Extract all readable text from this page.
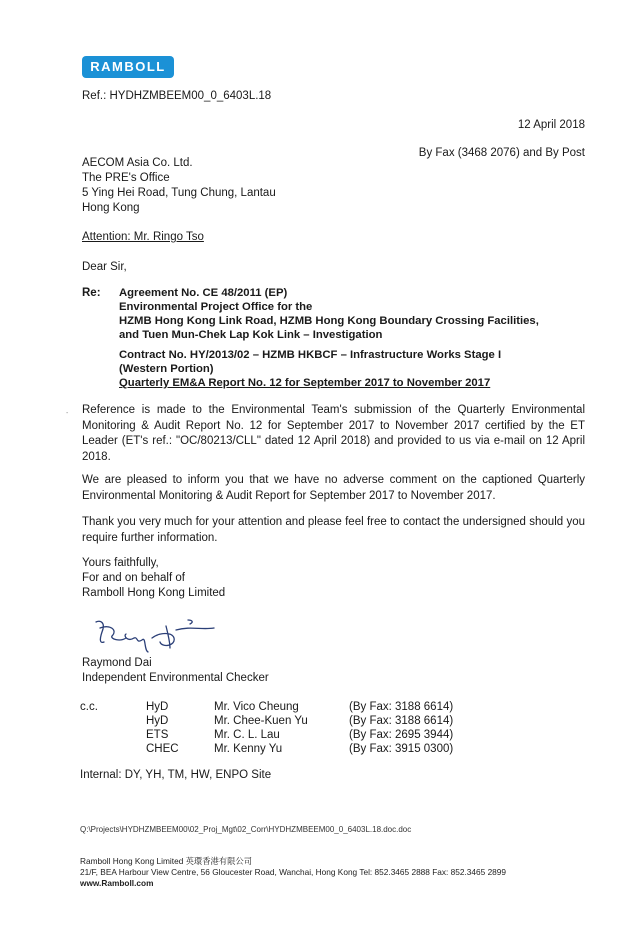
RAMBOLL
Ref.: HYDHZMBEEM00_0_6403L.18
12 April 2018
By Fax (3468 2076) and By Post
AECOM Asia Co. Ltd.
The PRE's Office
5 Ying Hei Road, Tung Chung, Lantau
Hong Kong
Attention: Mr. Ringo Tso
Dear Sir,
Re: Agreement No. CE 48/2011 (EP)
Environmental Project Office for the
HZMB Hong Kong Link Road, HZMB Hong Kong Boundary Crossing Facilities,
and Tuen Mun-Chek Lap Kok Link – Investigation
Contract No. HY/2013/02 – HZMB HKBCF – Infrastructure Works Stage I
(Western Portion)
Quarterly EM&A Report No. 12 for September 2017 to November 2017
- Reference is made to the Environmental Team's submission of the Quarterly Environmental Monitoring & Audit Report No. 12 for September 2017 to November 2017 certified by the ET Leader (ET's ref.: "OC/80213/CLL" dated 12 April 2018) and provided to us via e-mail on 12 April 2018.
We are pleased to inform you that we have no adverse comment on the captioned Quarterly Environmental Monitoring & Audit Report for September 2017 to November 2017.
Thank you very much for your attention and please feel free to contact the undersigned should you require further information.
Yours faithfully,
For and on behalf of
Ramboll Hong Kong Limited
Raymond Dai
Independent Environmental Checker
c.c.	HyD	Mr. Vico Cheung	(By Fax: 3188 6614)
HyD	Mr. Chee-Kuen Yu	(By Fax: 3188 6614)
ETS	Mr. C. L. Lau	(By Fax: 2695 3944)
CHEC	Mr. Kenny Yu	(By Fax: 3915 0300)
Internal: DY, YH, TM, HW, ENPO Site
Q:\Projects\HYDHZMBEEM00\02_Proj_Mgt\02_Corr\HYDHZMBEEM00_0_6403L.18.doc.doc
Ramboll Hong Kong Limited 英環香港有限公司
21/F, BEA Harbour View Centre, 56 Gloucester Road, Wanchai, Hong Kong Tel: 852.3465 2888 Fax: 852.3465 2899
www.Ramboll.com
